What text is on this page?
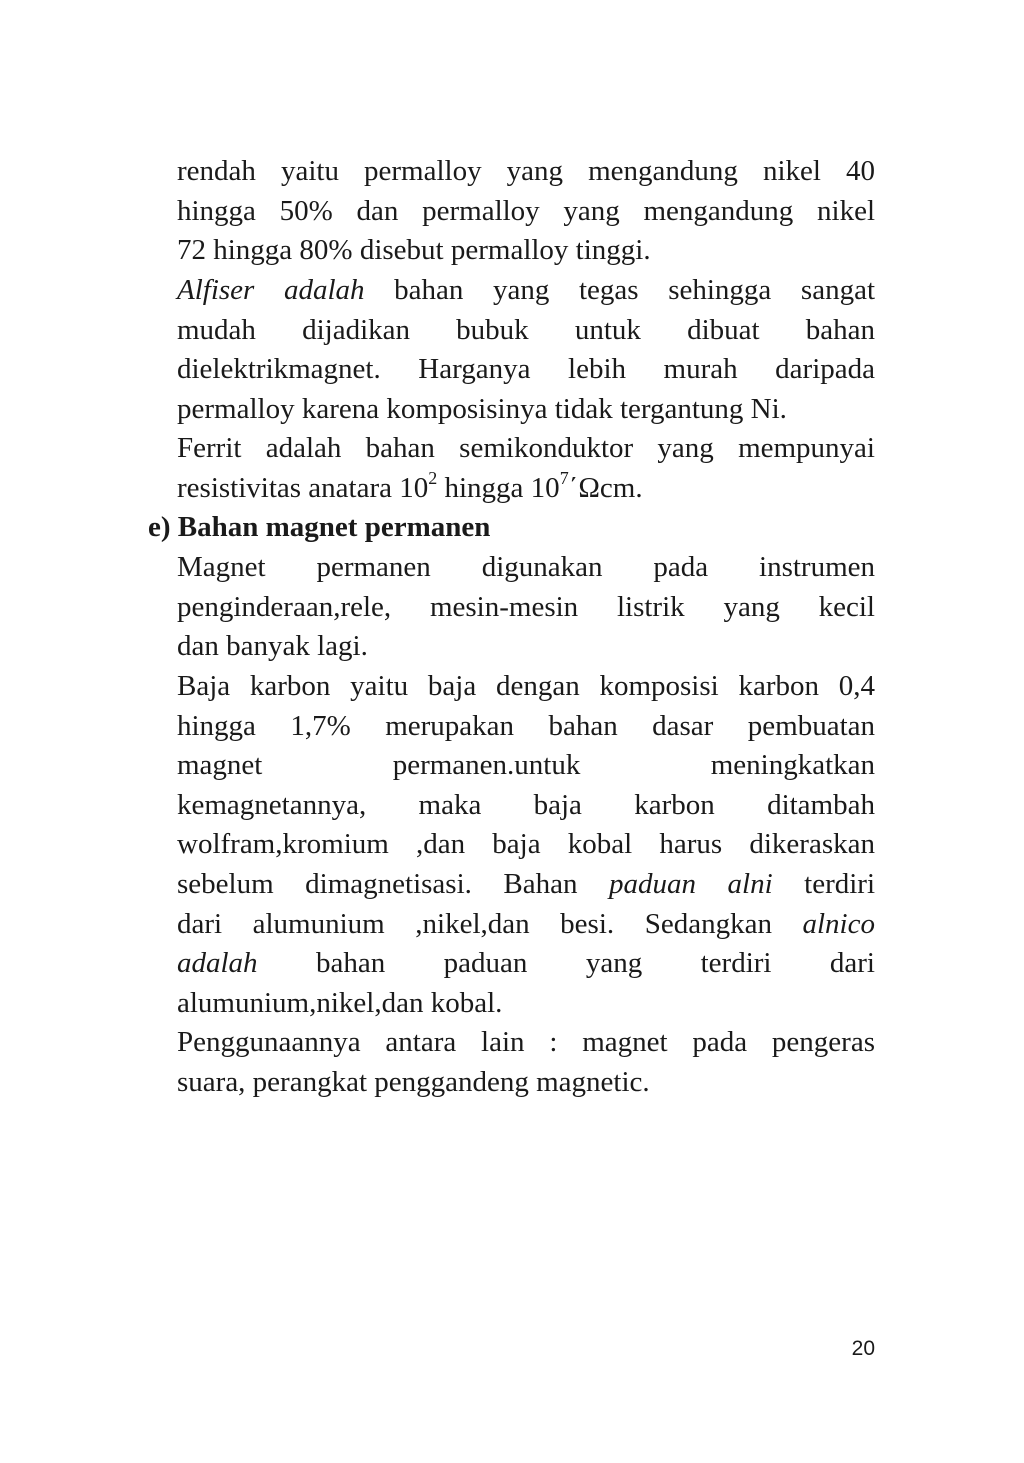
rendah yaitu permalloy yang mengandung nikel 40
hingga 50% dan permalloy yang mengandung nikel
72 hingga 80% disebut permalloy tinggi.
Alfiser adalah bahan yang tegas sehingga sangat
mudah dijadikan bubuk untuk dibuat bahan
dielektrikmagnet. Harganya lebih murah daripada
permalloy karena komposisinya tidak tergantung Ni.
Ferrit adalah bahan semikonduktor yang mempunyai
resistivitas anatara $10^2$ hingga $10^7΄\Omega cm$.
e) Bahan magnet permanen
Magnet permanen digunakan pada instrumen
penginderaan,rele, mesin-mesin listrik yang kecil
dan banyak lagi.
Baja karbon yaitu baja dengan komposisi karbon 0,4
hingga 1,7% merupakan bahan dasar pembuatan
magnet permanen.untuk meningkatkan
kemagnetannya, maka baja karbon ditambah
wolfram,kromium ,dan baja kobal harus dikeraskan
sebelum dimagnetisasi. Bahan paduan alni terdiri
dari alumunium ,nikel,dan besi. Sedangkan alnico
adalah bahan paduan yang terdiri dari
alumunium,nikel,dan kobal.
Penggunaannya antara lain : magnet pada pengeras
suara, perangkat penggandeng magnetic.
20
